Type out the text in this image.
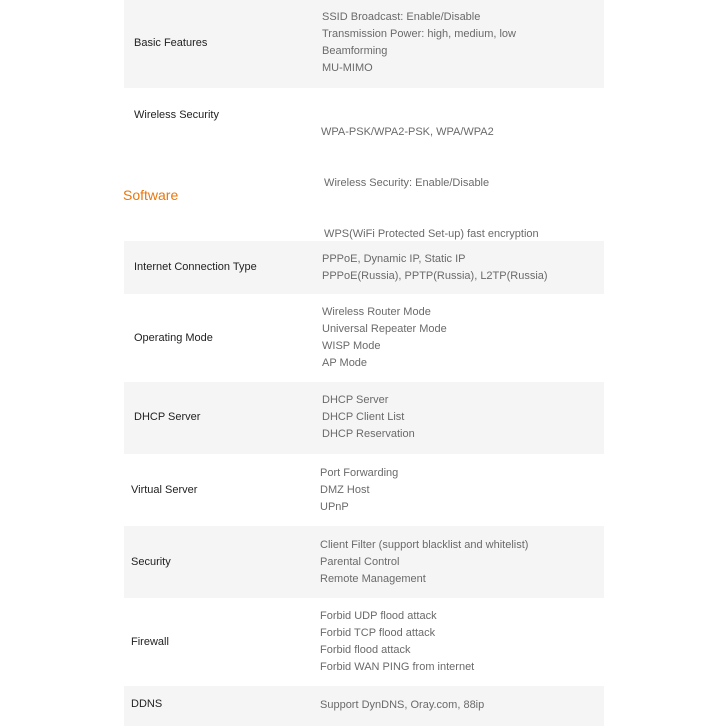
Basic Features
SSID Broadcast: Enable/Disable
Transmission Power: high, medium, low
Beamforming
MU-MIMO
Wireless Security

WPA-PSK/WPA2-PSK, WPA/WPA2

Wireless Security: Enable/Disable

WPS(WiFi Protected Set-up) fast encryption

Software
Internet Connection Type
PPPoE, Dynamic IP, Static IP
PPPoE(Russia), PPTP(Russia), L2TP(Russia)
Operating Mode
Wireless Router Mode
Universal Repeater Mode
WISP Mode
AP Mode
DHCP Server
DHCP Server
DHCP Client List
DHCP Reservation
Virtual Server
Port Forwarding
DMZ Host
UPnP
Security
Client Filter (support blacklist and whitelist)
Parental Control
Remote Management
Firewall
Forbid UDP flood attack
Forbid TCP flood attack
Forbid flood attack
Forbid WAN PING from internet
DDNS	Support DynDNS, Oray.com, 88ip
